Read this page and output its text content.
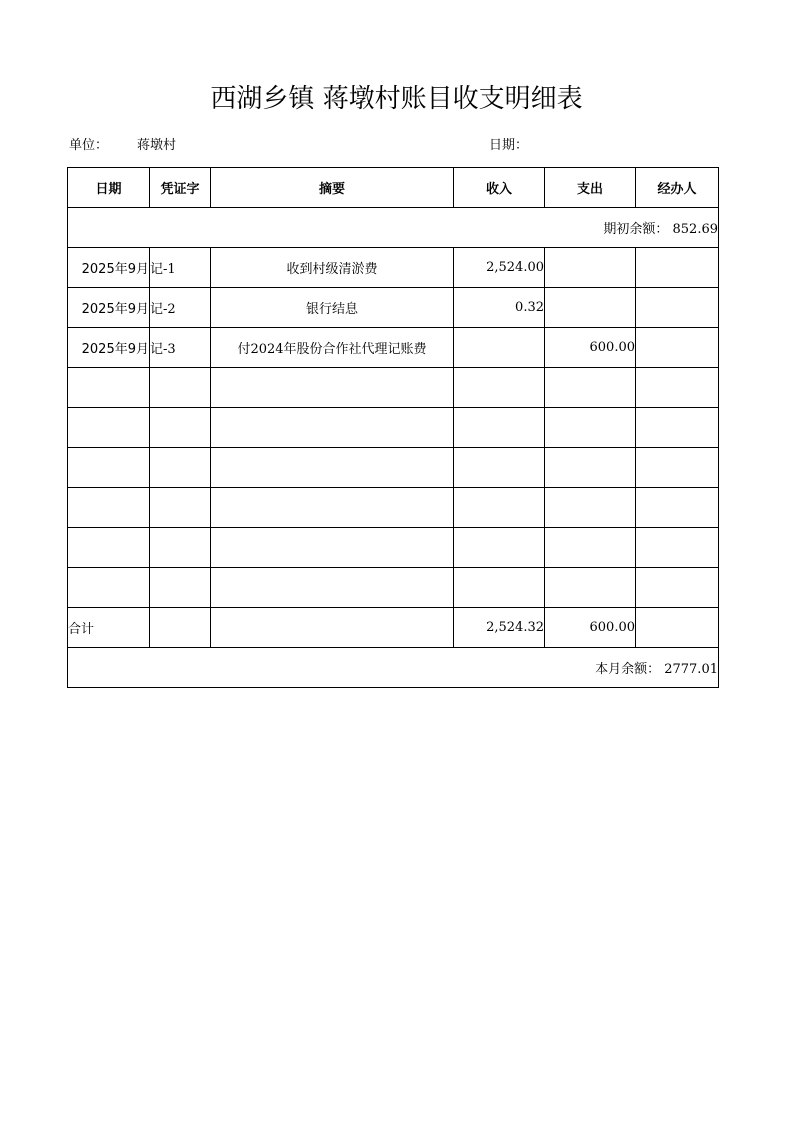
西湖乡镇 蒋墩村账目收支明细表
单位： 蒋墩村	日期：
日期	凭证字	摘要	收入	支出	经办人
期初余额： 852.69					
2025年9月	记-1	收到村级清淤费	2,524.00		
2025年9月	记-2	银行结息	0.32		
2025年9月	记-3	付2024年股份合作社代理记账费		600.00	

合计			2,524.32	600.00	
本月余额： 2777.01					
